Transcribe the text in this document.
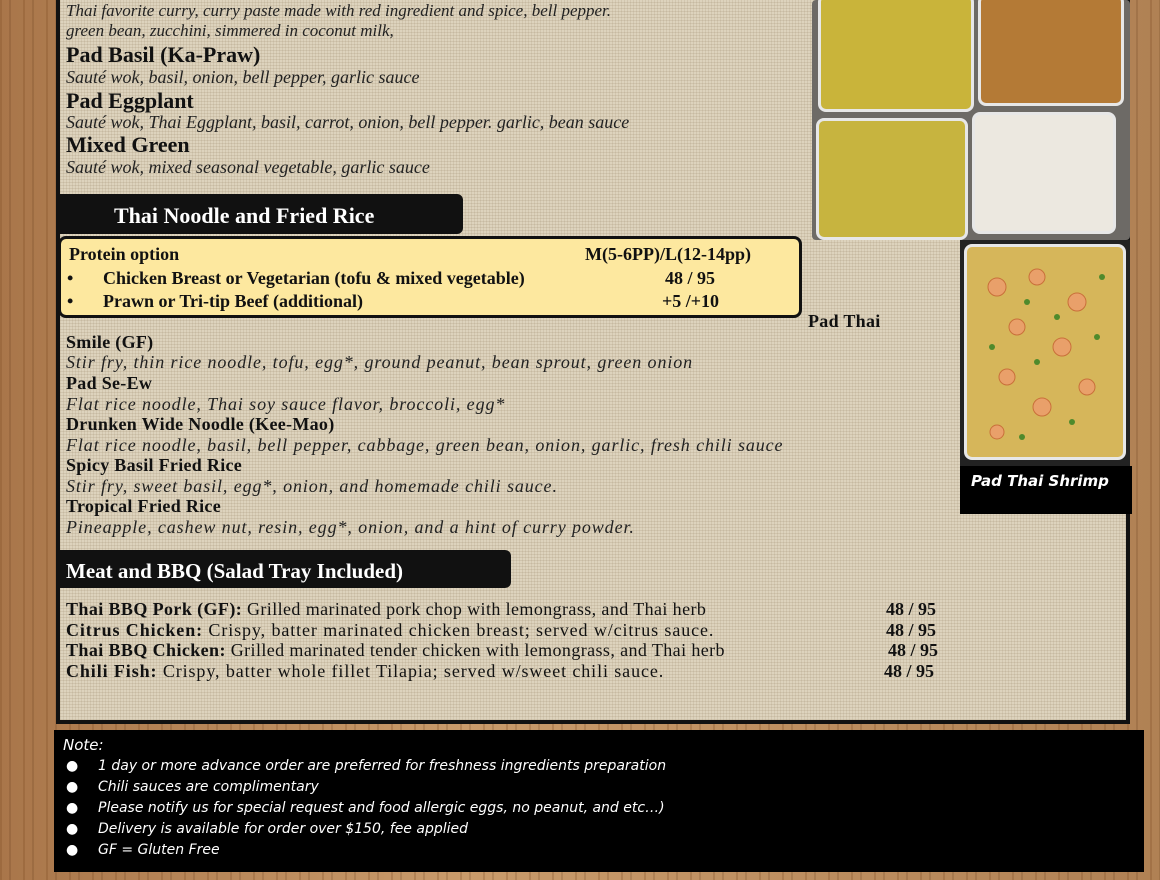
Thai favorite curry, curry paste made with red ingredient and spice, bell pepper.
green bean, zucchini, simmered in coconut milk,
Pad Basil (Ka-Praw)
Sauté wok, basil, onion, bell pepper, garlic sauce
Pad Eggplant
Sauté wok, Thai Eggplant, basil, carrot, onion, bell pepper. garlic, bean sauce
Mixed Green
Sauté wok, mixed seasonal vegetable, garlic sauce
Thai Noodle and Fried Rice
Protein option	M(5-6PP)/L(12-14pp)
• Chicken Breast or Vegetarian (tofu & mixed vegetable)	48 / 95
• Prawn or Tri-tip Beef (additional)	+5 /+10
Pad Thai
Smile (GF)
Stir fry, thin rice noodle, tofu, egg*, ground peanut, bean sprout, green onion
Pad Se-Ew
Flat rice noodle, Thai soy sauce flavor, broccoli, egg*
Drunken Wide Noodle (Kee-Mao)
Flat rice noodle, basil, bell pepper, cabbage, green bean, onion, garlic, fresh chili sauce
Spicy Basil Fried Rice
Stir fry, sweet basil, egg*, onion, and homemade chili sauce.
Tropical Fried Rice
Pineapple, cashew nut, resin, egg*, onion, and a hint of curry powder.
Pad Thai Shrimp
Meat and BBQ (Salad Tray Included)
Thai BBQ Pork (GF): Grilled marinated pork chop with lemongrass, and Thai herb	48 / 95
Citrus Chicken: Crispy, batter marinated chicken breast; served w/citrus sauce.	48 / 95
Thai BBQ Chicken: Grilled marinated tender chicken with lemongrass, and Thai herb	48 / 95
Chili Fish: Crispy, batter whole fillet Tilapia; served w/sweet chili sauce.	48 / 95
Note:
● 1 day or more advance order are preferred for freshness ingredients preparation
● Chili sauces are complimentary
● Please notify us for special request and food allergic eggs, no peanut, and etc…)
● Delivery is available for order over $150, fee applied
● GF = Gluten Free
